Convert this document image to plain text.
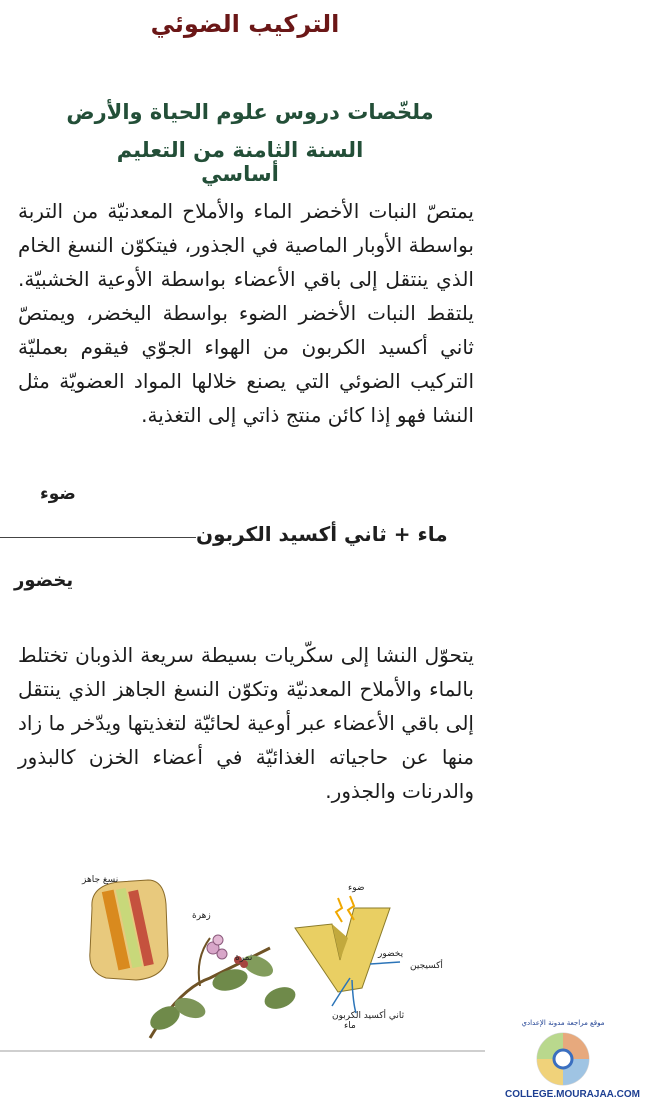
التركيب الضوئي
ملخّصات دروس علوم الحياة والأرض
السنة الثامنة من التعليم أساسي
يمتصّ النبات الأخضر الماء والأملاح المعدنيّة من التربة بواسطة الأوبار الماصية في الجذور، فيتكوّن النسغ الخام الذي ينتقل إلى باقي الأعضاء بواسطة الأوعية الخشبيّة. يلتقط النبات الأخضر الضوء بواسطة اليخضر، ويمتصّ ثاني أكسيد الكربون من الهواء الجوّي فيقوم بعمليّة التركيب الضوئي التي يصنع خلالها المواد العضويّة مثل النشا فهو إذا كائن منتج ذاتي إلى التغذية.
ضوء
ماء + ثاني أكسيد الكربون
يخضور
يتحوّل النشا إلى سكّريات بسيطة سريعة الذوبان تختلط بالماء والأملاح المعدنيّة وتكوّن النسغ الجاهز الذي ينتقل إلى باقي الأعضاء عبر أوعية لحائيّة لتغذيتها ويدّخر ما زاد منها عن حاجياته الغذائيّة في أعضاء الخزن كالبذور والدرنات والجذور.
نسغ جاهز
زهرة
ثمرة
ضوء
يخضور
أكسيجين
ثاني أكسيد الكربون
ماء	موقع مراجعة مدونة الإعدادي
COLLEGE.MOURAJAA.COM
